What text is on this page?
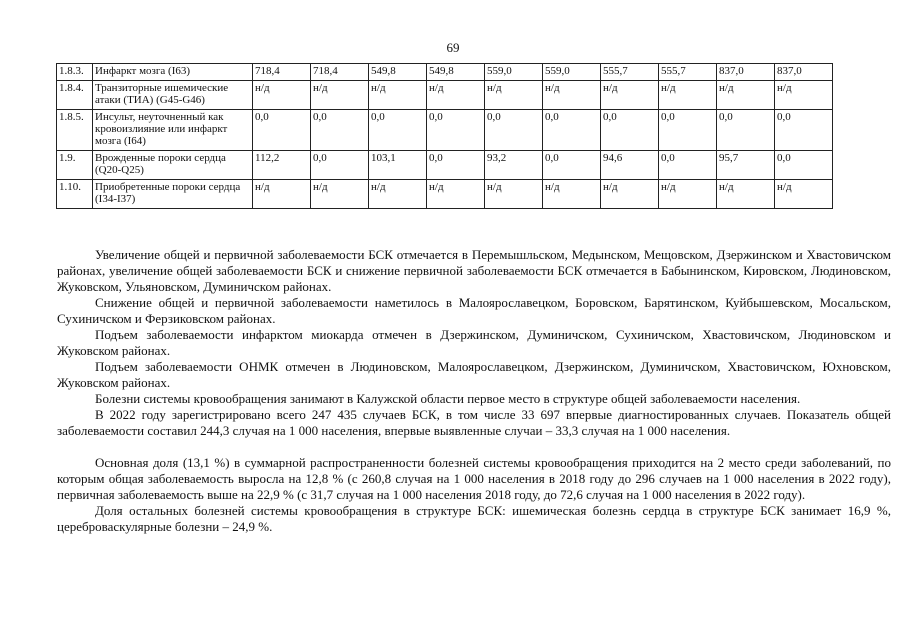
69
1.8.3.	Инфаркт мозга (I63)	718,4	718,4	549,8	549,8	559,0	559,0	555,7	555,7	837,0	837,0
1.8.4.	Транзиторные ишемические
атаки (ТИА) (G45-G46)	н/д	н/д	н/д	н/д	н/д	н/д	н/д	н/д	н/д	н/д
1.8.5.	Инсульт, неуточненный как
кровоизлияние или инфаркт
мозга (I64)	0,0	0,0	0,0	0,0	0,0	0,0	0,0	0,0	0,0	0,0
1.9.	Врожденные пороки сердца
(Q20-Q25)	112,2	0,0	103,1	0,0	93,2	0,0	94,6	0,0	95,7	0,0
1.10.	Приобретенные пороки сердца
(I34-I37)	н/д	н/д	н/д	н/д	н/д	н/д	н/д	н/д	н/д	н/д

Увеличение общей и первичной заболеваемости БСК отмечается в Перемышльском, Медынском, Мещовском, Дзержинском и Хвастовичском районах, увеличение общей заболеваемости БСК и снижение первичной заболеваемости БСК отмечается в Бабынинском, Кировском, Людиновском, Жуковском, Ульяновском, Думиничском районах.

Снижение общей и первичной заболеваемости наметилось в Малоярославецком, Боровском, Барятинском, Куйбышевском, Мосальском, Сухиничском и Ферзиковском районах.

Подъем заболеваемости инфарктом миокарда отмечен в Дзержинском, Думиничском, Сухиничском, Хвастовичском, Людиновском и Жуковском районах.

Подъем заболеваемости ОНМК отмечен в Людиновском, Малоярославецком, Дзержинском, Думиничском, Хвастовичском, Юхновском, Жуковском районах.

Болезни системы кровообращения занимают в Калужской области первое место в структуре общей заболеваемости населения.

В 2022 году зарегистрировано всего 247 435 случаев БСК, в том числе 33 697 впервые диагностированных случаев. Показатель общей заболеваемости составил 244,3 случая на 1 000 населения, впервые выявленные случаи – 33,3 случая на 1 000 населения.

Основная доля (13,1 %) в суммарной распространенности болезней системы кровообращения приходится на 2 место среди заболеваний, по которым общая заболеваемость выросла на 12,8 % (с 260,8 случая на 1 000 населения в 2018 году до 296 случаев на 1 000 населения в 2022 году), первичная заболеваемость выше на 22,9 % (с 31,7 случая на 1 000 населения 2018 году, до 72,6 случая на 1 000 населения в 2022 году).

Доля остальных болезней системы кровообращения в структуре БСК: ишемическая болезнь сердца в структуре БСК занимает 16,9 %, цереброваскулярные болезни – 24,9 %.
